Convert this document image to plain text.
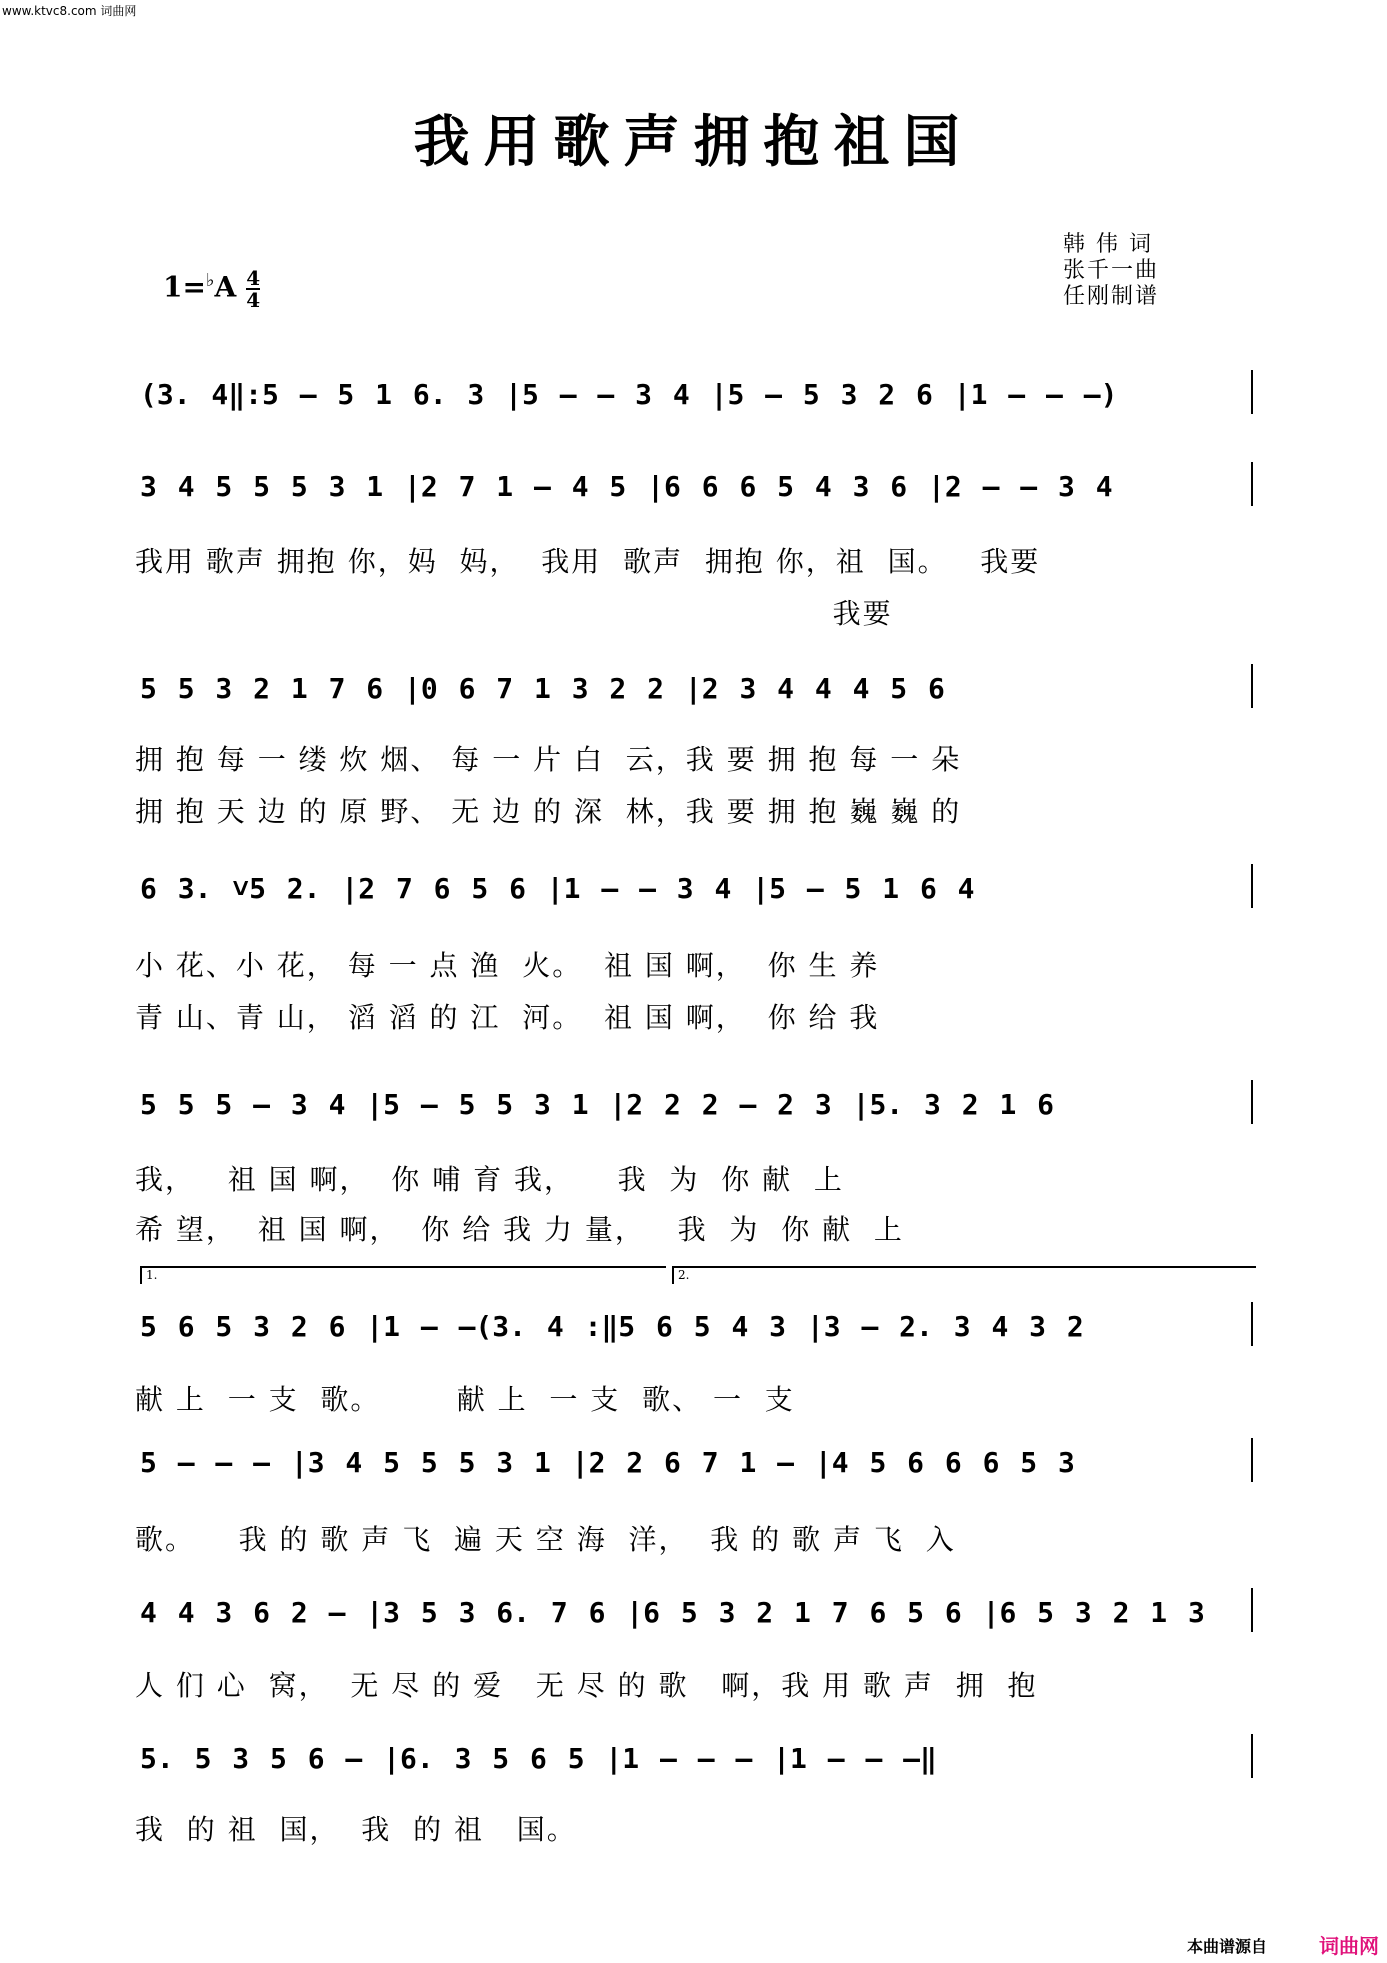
www.ktvc8.com 词曲网
我用歌声拥抱祖国
$1=^♭A \frac{4}{4}$
韩 伟 词
张千一曲
任刚制谱
(3. 4‖:5 – 5 1 6. 3 |5 – – 3 4 |5 – 5 3 2 6 |1 – – –)
3 4 5 5 5 3 1 |2 7 1 – 4 5 |6 6 6 5 4 3 6 |2 – – 3 4
我用 歌声 拥抱 你，妈  妈，  我用  歌声  拥抱 你，祖  国。   我要
我要
5 5 3 2 1 7 6 |0 6 7 1 3 2 2 |2 3 4 4 4 5 6
拥 抱 每 一 缕 炊 烟、 每 一 片 白  云，我 要 拥 抱 每 一 朵
拥 抱 天 边 的 原 野、 无 边 的 深  林，我 要 拥 抱 巍 巍 的
6 3. ˅5 2. |2 7 6 5 6 |1 – – 3 4 |5 – 5 1 6 4
小 花、小 花， 每 一 点 渔  火。  祖 国 啊，  你 生 养
青 山、青 山， 滔 滔 的 江  河。  祖 国 啊，  你 给 我
5 5 5 – 3 4 |5 – 5 5 3 1 |2 2 2 – 2 3 |5. 3 2 1 6
我，   祖 国 啊，  你 哺 育 我，    我  为  你 献  上
希 望，  祖 国 啊，  你 给 我 力 量，   我  为  你 献  上
1.	2.
5 6 5 3 2 6 |1 – –(3. 4 :‖5 6 5 4 3 |3 – 2. 3 4 3 2
献 上  一 支  歌。       献 上  一 支  歌、 一  支
5 – – – |3 4 5 5 5 3 1 |2 2 6 7 1 – |4 5 6 6 6 5 3
歌。    我 的 歌 声 飞  遍 天 空 海  洋，  我 的 歌 声 飞  入
4 4 3 6 2 – |3 5 3 6. 7 6 |6 5 3 2 1 7 6 5 6 |6 5 3 2 1 3
人 们 心  窝，  无 尽 的 爱   无 尽 的 歌   啊，我 用 歌 声  拥  抱
5. 5 3 5 6 – |6. 3 5 6 5 |1 – – – |1 – – –‖
我  的 祖  国，  我  的 祖   国。
本曲谱源自	词曲网
